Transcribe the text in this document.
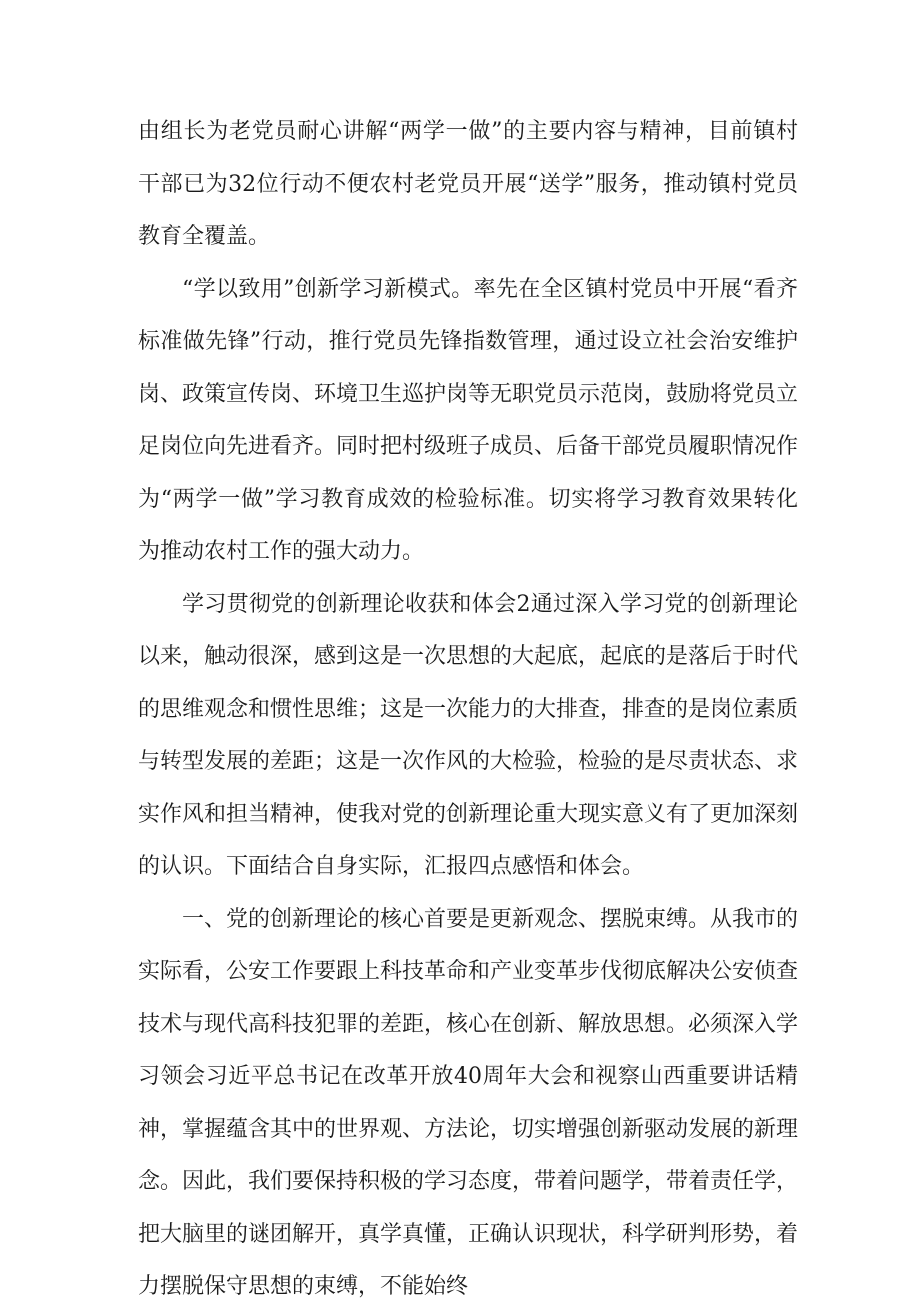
由组长为老党员耐心讲解“两学一做”的主要内容与精神，目前镇村干部已为32位行动不便农村老党员开展“送学”服务，推动镇村党员教育全覆盖。

“学以致用”创新学习新模式。率先在全区镇村党员中开展“看齐标准做先锋”行动，推行党员先锋指数管理，通过设立社会治安维护岗、政策宣传岗、环境卫生巡护岗等无职党员示范岗，鼓励将党员立足岗位向先进看齐。同时把村级班子成员、后备干部党员履职情况作为“两学一做”学习教育成效的检验标准。切实将学习教育效果转化为推动农村工作的强大动力。

学习贯彻党的创新理论收获和体会2通过深入学习党的创新理论以来，触动很深，感到这是一次思想的大起底，起底的是落后于时代的思维观念和惯性思维；这是一次能力的大排查，排查的是岗位素质与转型发展的差距；这是一次作风的大检验，检验的是尽责状态、求实作风和担当精神，使我对党的创新理论重大现实意义有了更加深刻的认识。下面结合自身实际，汇报四点感悟和体会。

一、党的创新理论的核心首要是更新观念、摆脱束缚。从我市的实际看，公安工作要跟上科技革命和产业变革步伐彻底解决公安侦查技术与现代高科技犯罪的差距，核心在创新、解放思想。必须深入学习领会习近平总书记在改革开放40周年大会和视察山西重要讲话精神，掌握蕴含其中的世界观、方法论，切实增强创新驱动发展的新理念。因此，我们要保持积极的学习态度，带着问题学，带着责任学，把大脑里的谜团解开，真学真懂，正确认识现状，科学研判形势，着力摆脱保守思想的束缚，不能始终
